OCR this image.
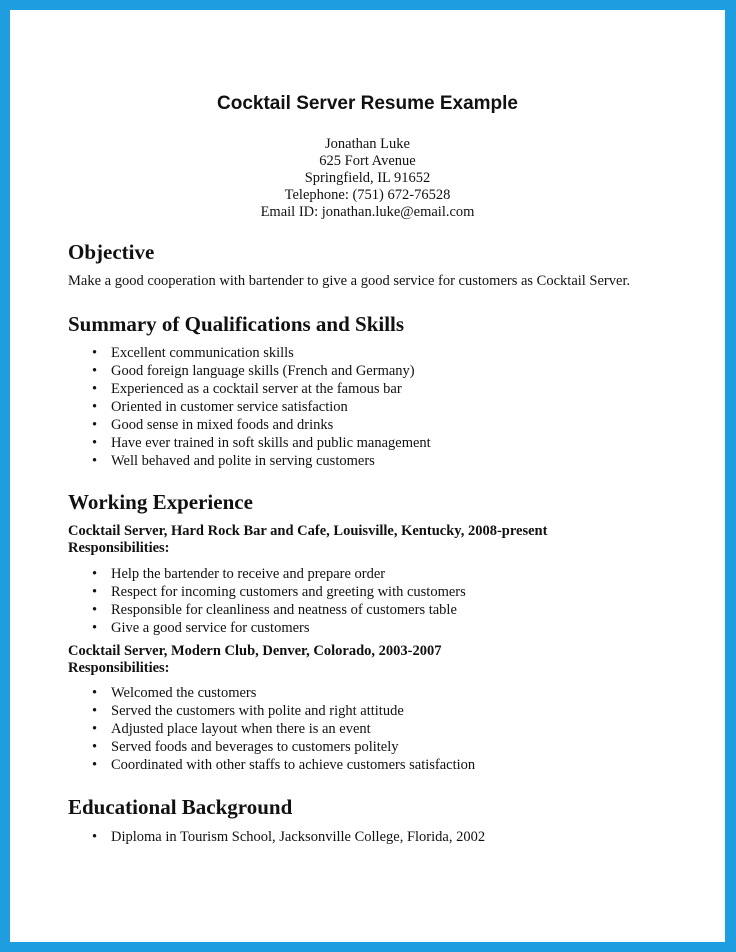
Cocktail Server Resume Example
Jonathan Luke
625 Fort Avenue
Springfield, IL 91652
Telephone: (751) 672-76528
Email ID: jonathan.luke@email.com
Objective
Make a good cooperation with bartender to give a good service for customers as Cocktail Server.
Summary of Qualifications and Skills
• Excellent communication skills
• Good foreign language skills (French and Germany)
• Experienced as a cocktail server at the famous bar
• Oriented in customer service satisfaction
• Good sense in mixed foods and drinks
• Have ever trained in soft skills and public management
• Well behaved and polite in serving customers
Working Experience
Cocktail Server, Hard Rock Bar and Cafe, Louisville, Kentucky, 2008-present
Responsibilities:
• Help the bartender to receive and prepare order
• Respect for incoming customers and greeting with customers
• Responsible for cleanliness and neatness of customers table
• Give a good service for customers
Cocktail Server, Modern Club, Denver, Colorado, 2003-2007
Responsibilities:
• Welcomed the customers
• Served the customers with polite and right attitude
• Adjusted place layout when there is an event
• Served foods and beverages to customers politely
• Coordinated with other staffs to achieve customers satisfaction
Educational Background
• Diploma in Tourism School, Jacksonville College, Florida, 2002
